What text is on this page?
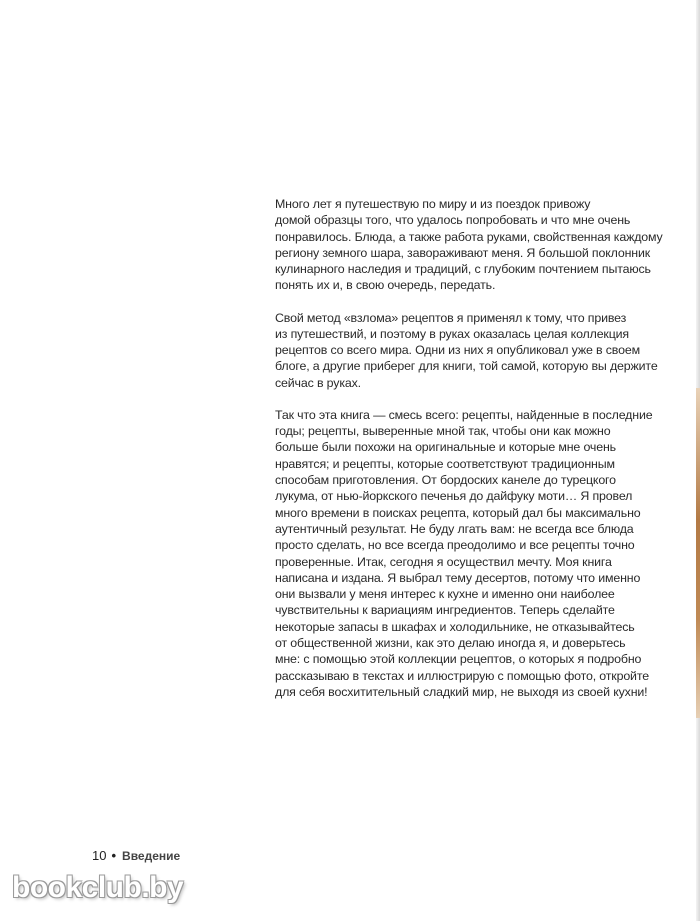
Много лет я путешествую по миру и из поездок привожу
домой образцы того, что удалось попробовать и что мне очень
понравилось. Блюда, а также работа руками, свойственная каждому
региону земного шара, завораживают меня. Я большой поклонник
кулинарного наследия и традиций, с глубоким почтением пытаюсь
понять их и, в свою очередь, передать.

Свой метод «взлома» рецептов я применял к тому, что привез
из путешествий, и поэтому в руках оказалась целая коллекция
рецептов со всего мира. Одни из них я опубликовал уже в своем
блоге, а другие приберег для книги, той самой, которую вы держите
сейчас в руках.

Так что эта книга — смесь всего: рецепты, найденные в последние
годы; рецепты, выверенные мной так, чтобы они как можно
больше были похожи на оригинальные и которые мне очень
нравятся; и рецепты, которые соответствуют традиционным
способам приготовления. От бордоских канеле до турецкого
лукума, от нью-йоркского печенья до дайфуку моти… Я провел
много времени в поисках рецепта, который дал бы максимально
аутентичный результат. Не буду лгать вам: не всегда все блюда
просто сделать, но все всегда преодолимо и все рецепты точно
проверенные. Итак, сегодня я осуществил мечту. Моя книга
написана и издана. Я выбрал тему десертов, потому что именно
они вызвали у меня интерес к кухне и именно они наиболее
чувствительны к вариациям ингредиентов. Теперь сделайте
некоторые запасы в шкафах и холодильнике, не отказывайтесь
от общественной жизни, как это делаю иногда я, и доверьтесь
мне: с помощью этой коллекции рецептов, о которых я подробно
рассказываю в текстах и иллюстрирую с помощью фото, откройте
для себя восхитительный сладкий мир, не выходя из своей кухни!

10 • Введение
bookclub.by
